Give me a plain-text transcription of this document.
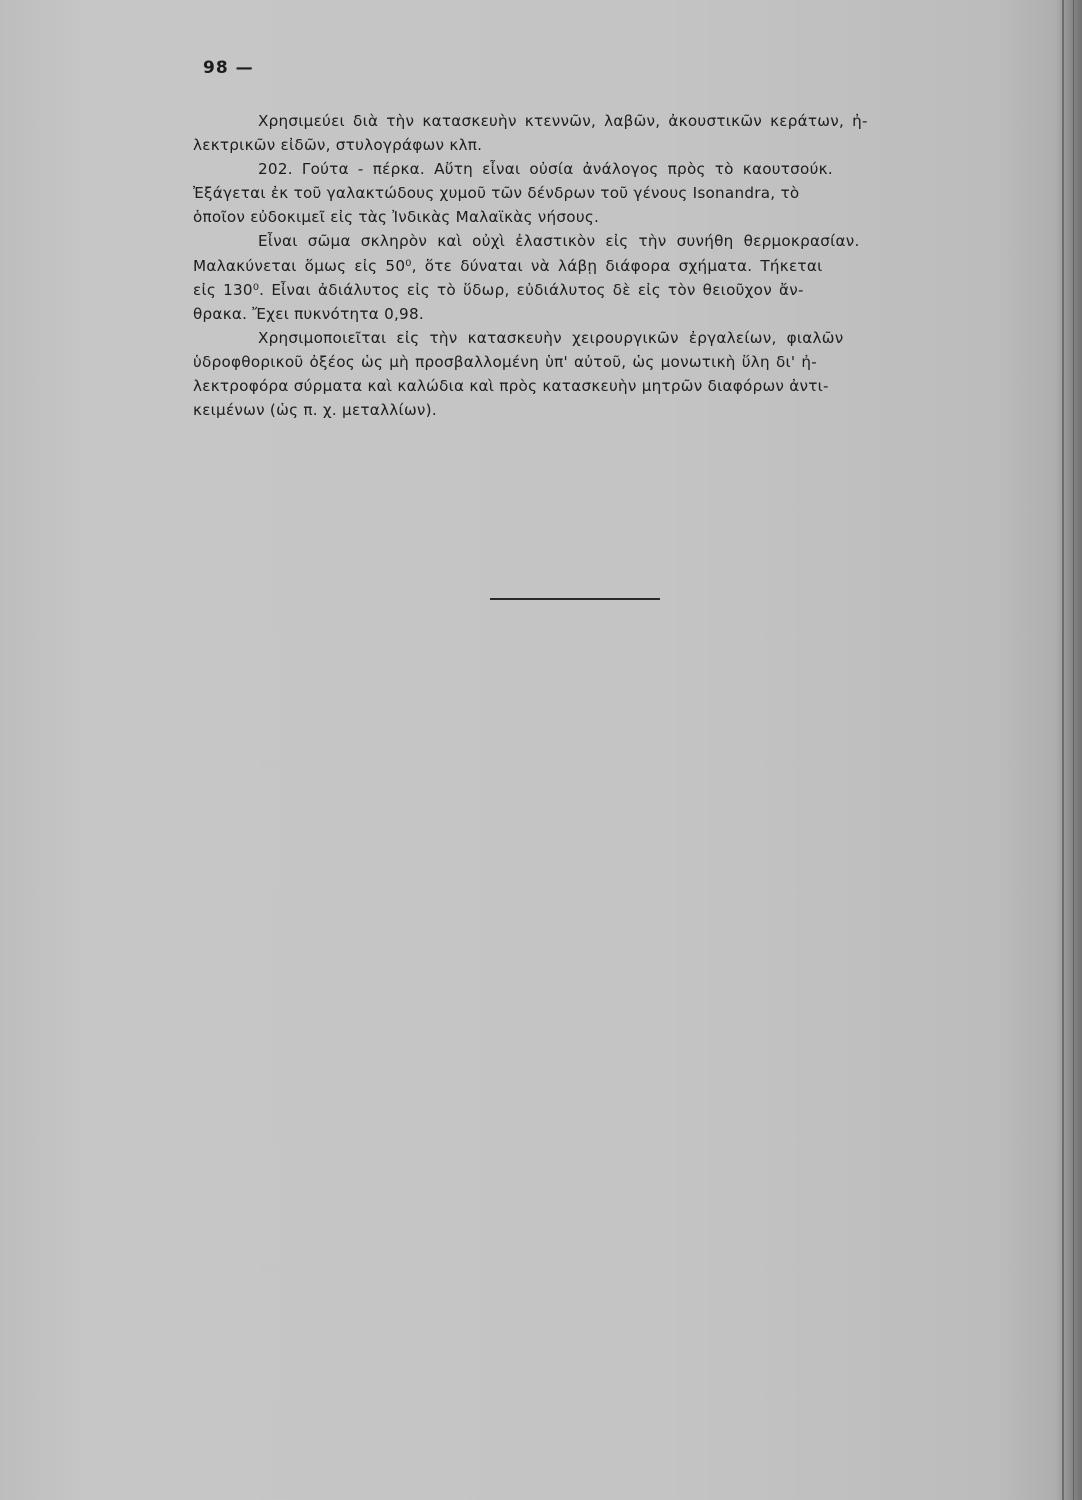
98 —
Χρησιμεύει διὰ τὴν κατασκευὴν κτεννῶν, λαβῶν, ἀκουστικῶν κεράτων, ἠ-
λεκτρικῶν εἰδῶν, στυλογράφων κλπ.
202. Γούτα - πέρκα. Αὕτη εἶναι οὐσία ἀνάλογος πρὸς τὸ καουτσούκ.
Ἐξάγεται ἐκ τοῦ γαλακτώδους χυμοῦ τῶν δένδρων τοῦ γένους Isonandra, τὸ
ὁποῖον εὐδοκιμεῖ εἰς τὰς Ἰνδικὰς Μαλαϊκὰς νήσους.
Εἶναι σῶμα σκληρὸν καὶ οὐχὶ ἐλαστικὸν εἰς τὴν συνήθη θερμοκρασίαν.
Μαλακύνεται ὅμως εἰς 50⁰, ὅτε δύναται νὰ λάβῃ διάφορα σχήματα. Τήκεται
εἰς 130⁰. Εἶναι ἀδιάλυτος εἰς τὸ ὕδωρ, εὐδιάλυτος δὲ εἰς τὸν θειοῦχον ἄν-
θρακα. Ἔχει πυκνότητα 0,98.
Χρησιμοποιεῖται εἰς τὴν κατασκευὴν χειρουργικῶν ἐργαλείων, φιαλῶν
ὑδροφθορικοῦ ὀξέος ὡς μὴ προσβαλλομένη ὑπ' αὐτοῦ, ὡς μονωτικὴ ὕλη δι' ἠ-
λεκτροφόρα σύρματα καὶ καλώδια καὶ πρὸς κατασκευὴν μητρῶν διαφόρων ἀντι-
κειμένων (ὡς π. χ. μεταλλίων).
